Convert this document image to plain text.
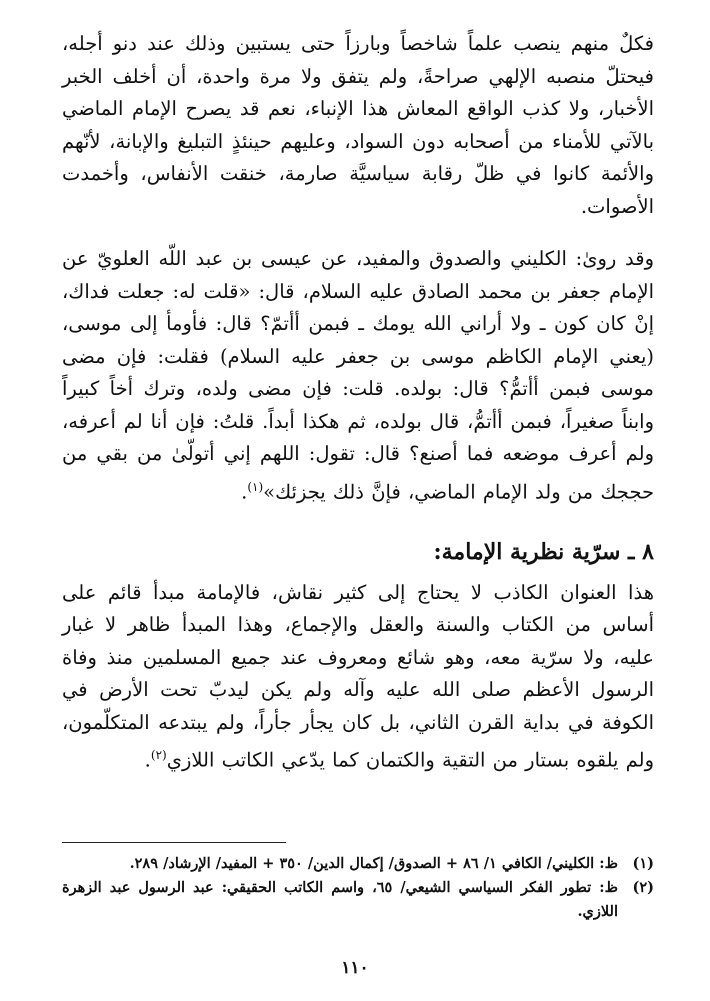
فكلٌ منهم ينصب علماً شاخصاً وبارزاً حتى يستبين وذلك عند دنو أجله، فيحتلّ منصبه الإلهي صراحةً، ولم يتفق ولا مرة واحدة، أن أخلف الخبر الأخبار، ولا كذب الواقع المعاش هذا الإنباء، نعم قد يصرح الإمام الماضي بالآتي للأمناء من أصحابه دون السواد، وعليهم حينئذٍ التبليغ والإبانة، لأنّهم والأئمة كانوا في ظلّ رقابة سياسيَّة صارمة، خنقت الأنفاس، وأخمدت الأصوات.

وقد روىٰ: الكليني والصدوق والمفيد، عن عيسى بن عبد اللّه العلويّ عن الإمام جعفر بن محمد الصادق عليه السلام، قال: «قلت له: جعلت فداك، إنْ كان كون ـ ولا أراني الله يومك ـ فبمن أأتمّ؟ قال: فأومأ إلى موسى، (يعني الإمام الكاظم موسى بن جعفر عليه السلام) فقلت: فإن مضى موسى فبمن أأتمُّ؟ قال: بولده. قلت: فإن مضى ولده، وترك أخاً كبيراً وابناً صغيراً، فبمن أأتمُّ، قال بولده، ثم هكذا أبداً. قلتُ: فإن أنا لم أعرفه، ولم أعرف موضعه فما أصنع؟ قال: تقول: اللهم إني أتولّىٰ من بقي من حججك من ولد الإمام الماضي، فإنَّ ذلك يجزئك»$^{(١)}$.

٨ ـ سرّية نظرية الإمامة:

هذا العنوان الكاذب لا يحتاج إلى كثير نقاش، فالإمامة مبدأ قائم على أساس من الكتاب والسنة والعقل والإجماع، وهذا المبدأ ظاهر لا غبار عليه، ولا سرّية معه، وهو شائع ومعروف عند جميع المسلمين منذ وفاة الرسول الأعظم صلى الله عليه وآله ولم يكن ليدبّ تحت الأرض في الكوفة في بداية القرن الثاني، بل كان يجأر جأراً، ولم يبتدعه المتكلّمون، ولم يلقوه بستار من التقية والكتمان كما يدّعي الكاتب اللازي$^{(٢)}$.

(١)
ظ: الكليني/ الكافي ١/ ٨٦ + الصدوق/ إكمال الدين/ ٣٥٠ + المفيد/ الإرشاد/ ٢٨٩.
(٢)
ظ: تطور الفكر السياسي الشيعي/ ٦٥، واسم الكاتب الحقيقي: عبد الرسول عبد الزهرة اللازي.
١١٠
